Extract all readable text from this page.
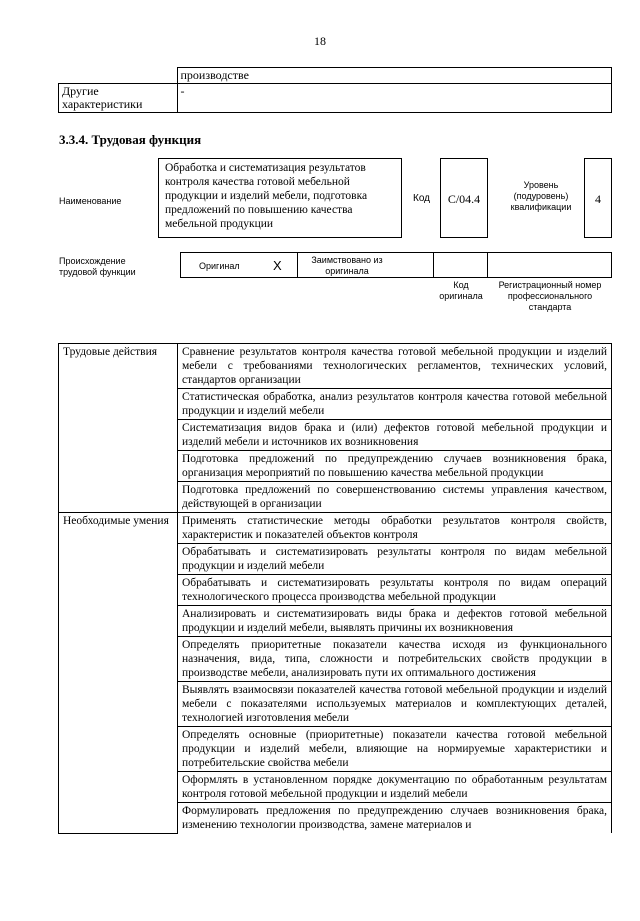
18
	производстве
Другие характеристики	-
3.3.4. Трудовая функция
Наименование
Обработка и систематизация результатов контроля качества готовой мебельной продукции и изделий мебели, подготовка предложений по повышению качества мебельной продукции
Код	С/04.4
Уровень (подуровень) квалификации
4
Происхождение трудовой функции
Оригинал	X	Заимствовано из оригинала
Код оригинала
Регистрационный номер профессионального стандарта
Трудовые действия	Сравнение результатов контроля качества готовой мебельной продукции и изделий мебели с требованиями технологических регламентов, технических условий, стандартов организации
	Статистическая обработка, анализ результатов контроля качества готовой мебельной продукции и изделий мебели
	Систематизация видов брака и (или) дефектов готовой мебельной продукции и изделий мебели и источников их возникновения
	Подготовка предложений по предупреждению случаев возникновения брака, организация мероприятий по повышению качества мебельной продукции
	Подготовка предложений по совершенствованию системы управления качеством, действующей в организации
Необходимые умения	Применять статистические методы обработки результатов контроля свойств, характеристик и показателей объектов контроля
	Обрабатывать и систематизировать результаты контроля по видам мебельной продукции и изделий мебели
	Обрабатывать и систематизировать результаты контроля по видам операций технологического процесса производства мебельной продукции
	Анализировать и систематизировать виды брака и дефектов готовой мебельной продукции и изделий мебели, выявлять причины их возникновения
	Определять приоритетные показатели качества исходя из функционального назначения, вида, типа, сложности и потребительских свойств продукции в производстве мебели, анализировать пути их оптимального достижения
	Выявлять взаимосвязи показателей качества готовой мебельной продукции и изделий мебели с показателями используемых материалов и комплектующих деталей, технологией изготовления мебели
	Определять основные (приоритетные) показатели качества готовой мебельной продукции и изделий мебели, влияющие на нормируемые характеристики и потребительские свойства мебели
	Оформлять в установленном порядке документацию по обработанным результатам контроля готовой мебельной продукции и изделий мебели
	Формулировать предложения по предупреждению случаев возникновения брака, изменению технологии производства, замене материалов и
